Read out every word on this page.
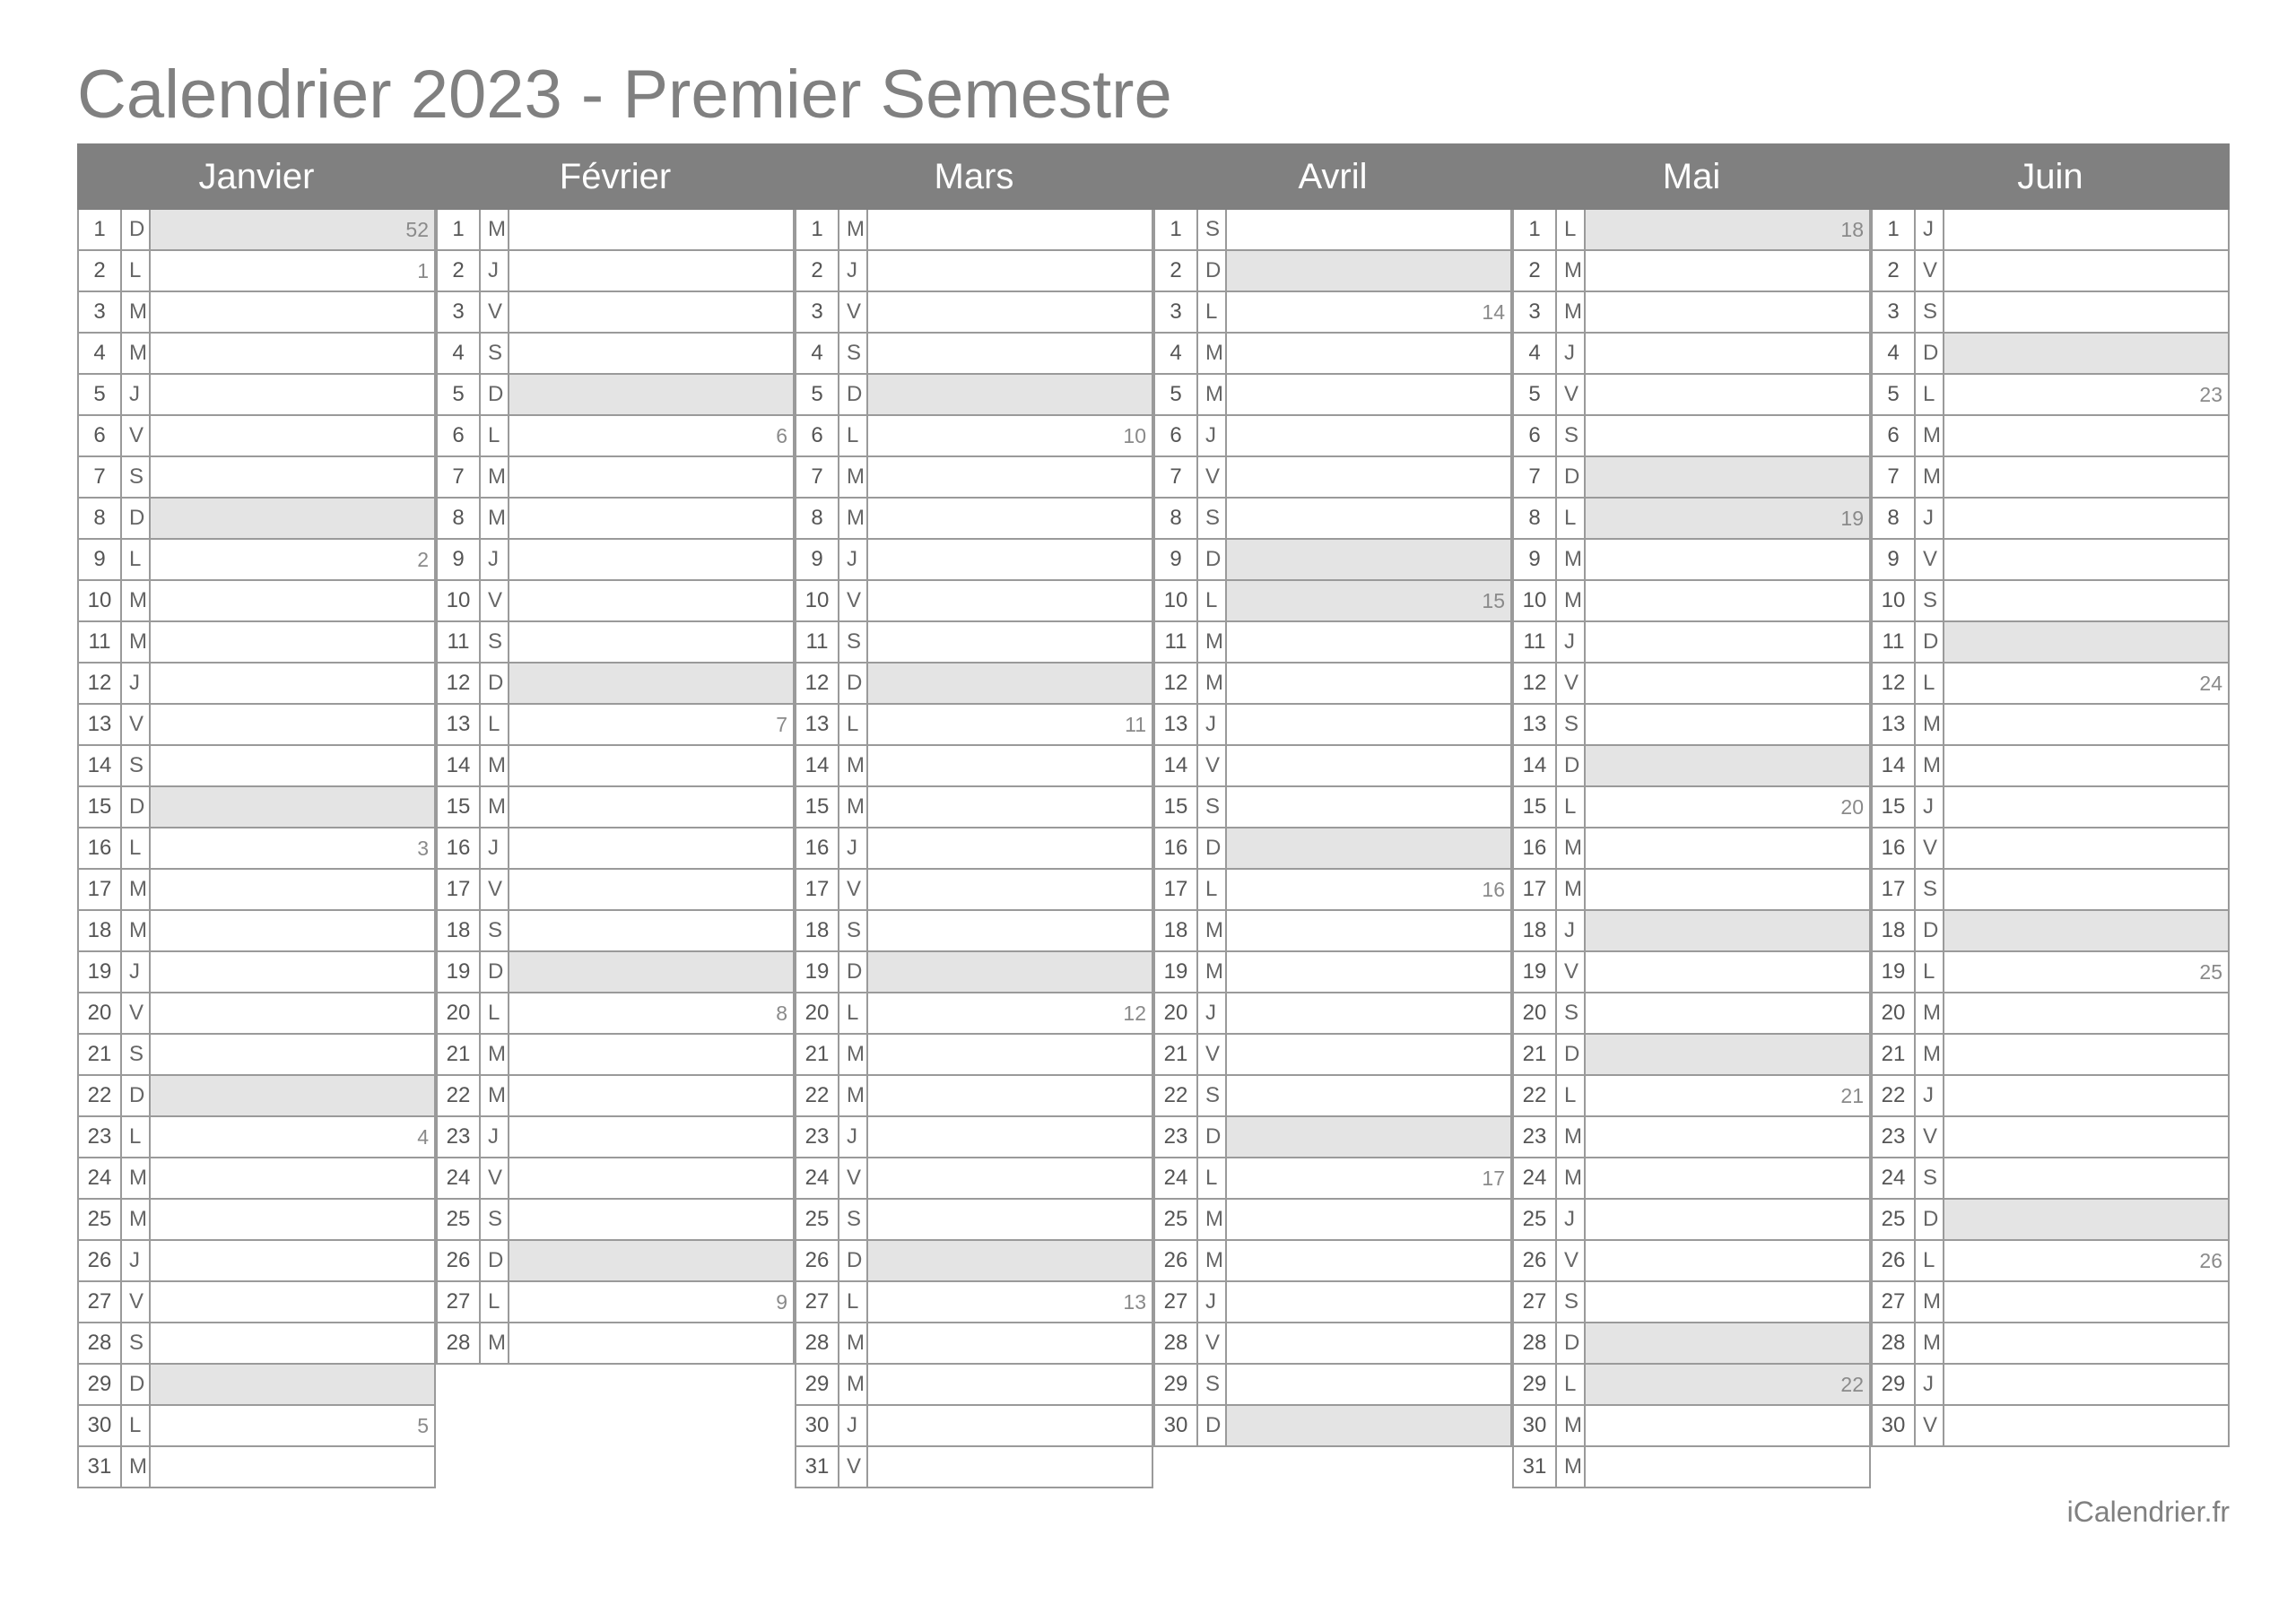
Calendrier 2023 - Premier Semestre
Janvier
1	D	52
2	L	1
3	M
4	M
5	J
6	V
7	S
8	D
9	L	2
10 M
11 M
12 J
13 V
14 S
15 D
16 L	3
17 M
18 M
19 J
20 V
21 S
22 D
23 L	4
24 M
25 M
26 J
27 V
28 S
29 D
30 L	5
31 M
Février
1	M
2	J
3	V
4	S
5	D
6	L	6
7	M
8	M
9	J
10 V
11 S
12 D
13 L	7
14 M
15 M
16 J
17 V
18 S
19 D
20 L	8
21 M
22 M
23 J
24 V
25 S
26 D
27 L	9
28 M
Mars
1	M
2	J
3	V
4	S
5	D
6	L	10
7	M
8	M
9	J
10 V
11 S
12 D
13 L	11
14 M
15 M
16 J
17 V
18 S
19 D
20 L	12
21 M
22 M
23 J
24 V
25 S
26 D
27 L	13
28 M
29 M
30 J
31 V
Avril
1	S
2	D
3	L	14
4	M
5	M
6	J
7	V
8	S
9	D
10 L	15
11 M
12 M
13 J
14 V
15 S
16 D
17 L	16
18 M
19 M
20 J
21 V
22 S
23 D
24 L	17
25 M
26 M
27 J
28 V
29 S
30 D
Mai
1	L	18
2	M
3	M
4	J
5	V
6	S
7	D
8	L	19
9	M
10 M
11 J
12 V
13 S
14 D
15 L	20
16 M
17 M
18 J
19 V
20 S
21 D
22 L	21
23 M
24 M
25 J
26 V
27 S
28 D
29 L	22
30 M
31 M
Juin
1	J
2	V
3	S
4	D
5	L	23
6	M
7	M
8	J
9	V
10 S
11 D
12 L	24
13 M
14 M
15 J
16 V
17 S
18 D
19 L	25
20 M
21 M
22 J
23 V
24 S
25 D
26 L	26
27 M
28 M
29 J
30 V
iCalendrier.fr
